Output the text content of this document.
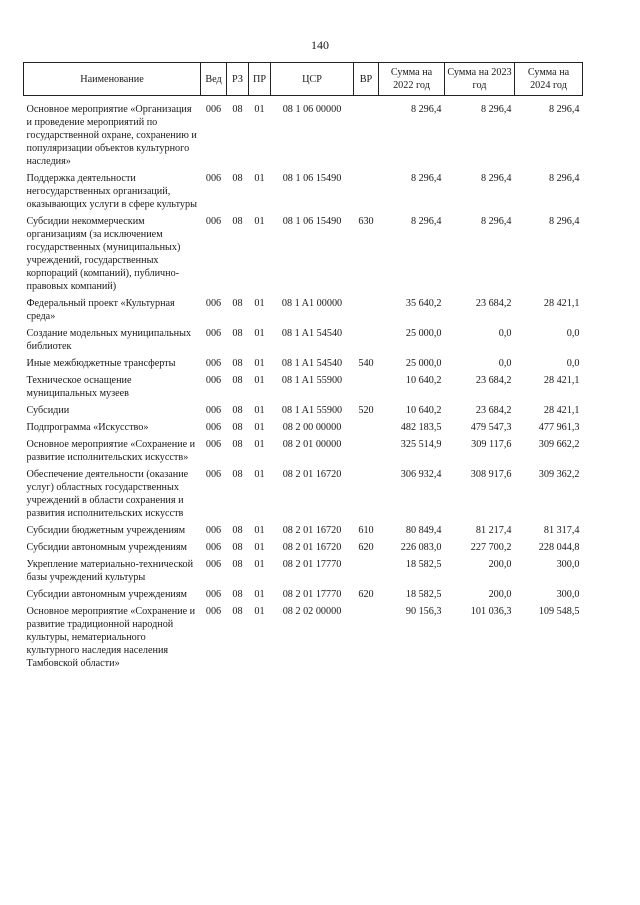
140
Наименование	Вед	РЗ	ПР	ЦСР	ВР	Сумма на 2022 год	Сумма на 2023 год	Сумма на 2024 год
Основное мероприятие «Организация и проведение мероприятий по государственной охране, сохранению и популяризации объектов культурного наследия»	006	08	01	08 1 06 00000		8 296,4	8 296,4	8 296,4
Поддержка деятельности негосударственных организаций, оказывающих услуги в сфере культуры	006	08	01	08 1 06 15490		8 296,4	8 296,4	8 296,4
Субсидии некоммерческим организациям (за исключением государственных (муниципальных) учреждений, государственных корпораций (компаний), публично-правовых компаний)	006	08	01	08 1 06 15490	630	8 296,4	8 296,4	8 296,4
Федеральный проект «Культурная среда»	006	08	01	08 1 A1 00000		35 640,2	23 684,2	28 421,1
Создание модельных муниципальных библиотек	006	08	01	08 1 A1 54540		25 000,0	0,0	0,0
Иные межбюджетные трансферты	006	08	01	08 1 A1 54540	540	25 000,0	0,0	0,0
Техническое оснащение муниципальных музеев	006	08	01	08 1 A1 55900		10 640,2	23 684,2	28 421,1
Субсидии	006	08	01	08 1 A1 55900	520	10 640,2	23 684,2	28 421,1
Подпрограмма «Искусство»	006	08	01	08 2 00 00000		482 183,5	479 547,3	477 961,3
Основное мероприятие «Сохранение и развитие исполнительских искусств»	006	08	01	08 2 01 00000		325 514,9	309 117,6	309 662,2
Обеспечение деятельности (оказание услуг) областных государственных учреждений в области сохранения и развития исполнительских искусств	006	08	01	08 2 01 16720		306 932,4	308 917,6	309 362,2
Субсидии бюджетным учреждениям	006	08	01	08 2 01 16720	610	80 849,4	81 217,4	81 317,4
Субсидии автономным учреждениям	006	08	01	08 2 01 16720	620	226 083,0	227 700,2	228 044,8
Укрепление материально-технической базы учреждений культуры	006	08	01	08 2 01 17770		18 582,5	200,0	300,0
Субсидии автономным учреждениям	006	08	01	08 2 01 17770	620	18 582,5	200,0	300,0
Основное мероприятие «Сохранение и развитие традиционной народной культуры, нематериального культурного наследия населения Тамбовской области»	006	08	01	08 2 02 00000		90 156,3	101 036,3	109 548,5
